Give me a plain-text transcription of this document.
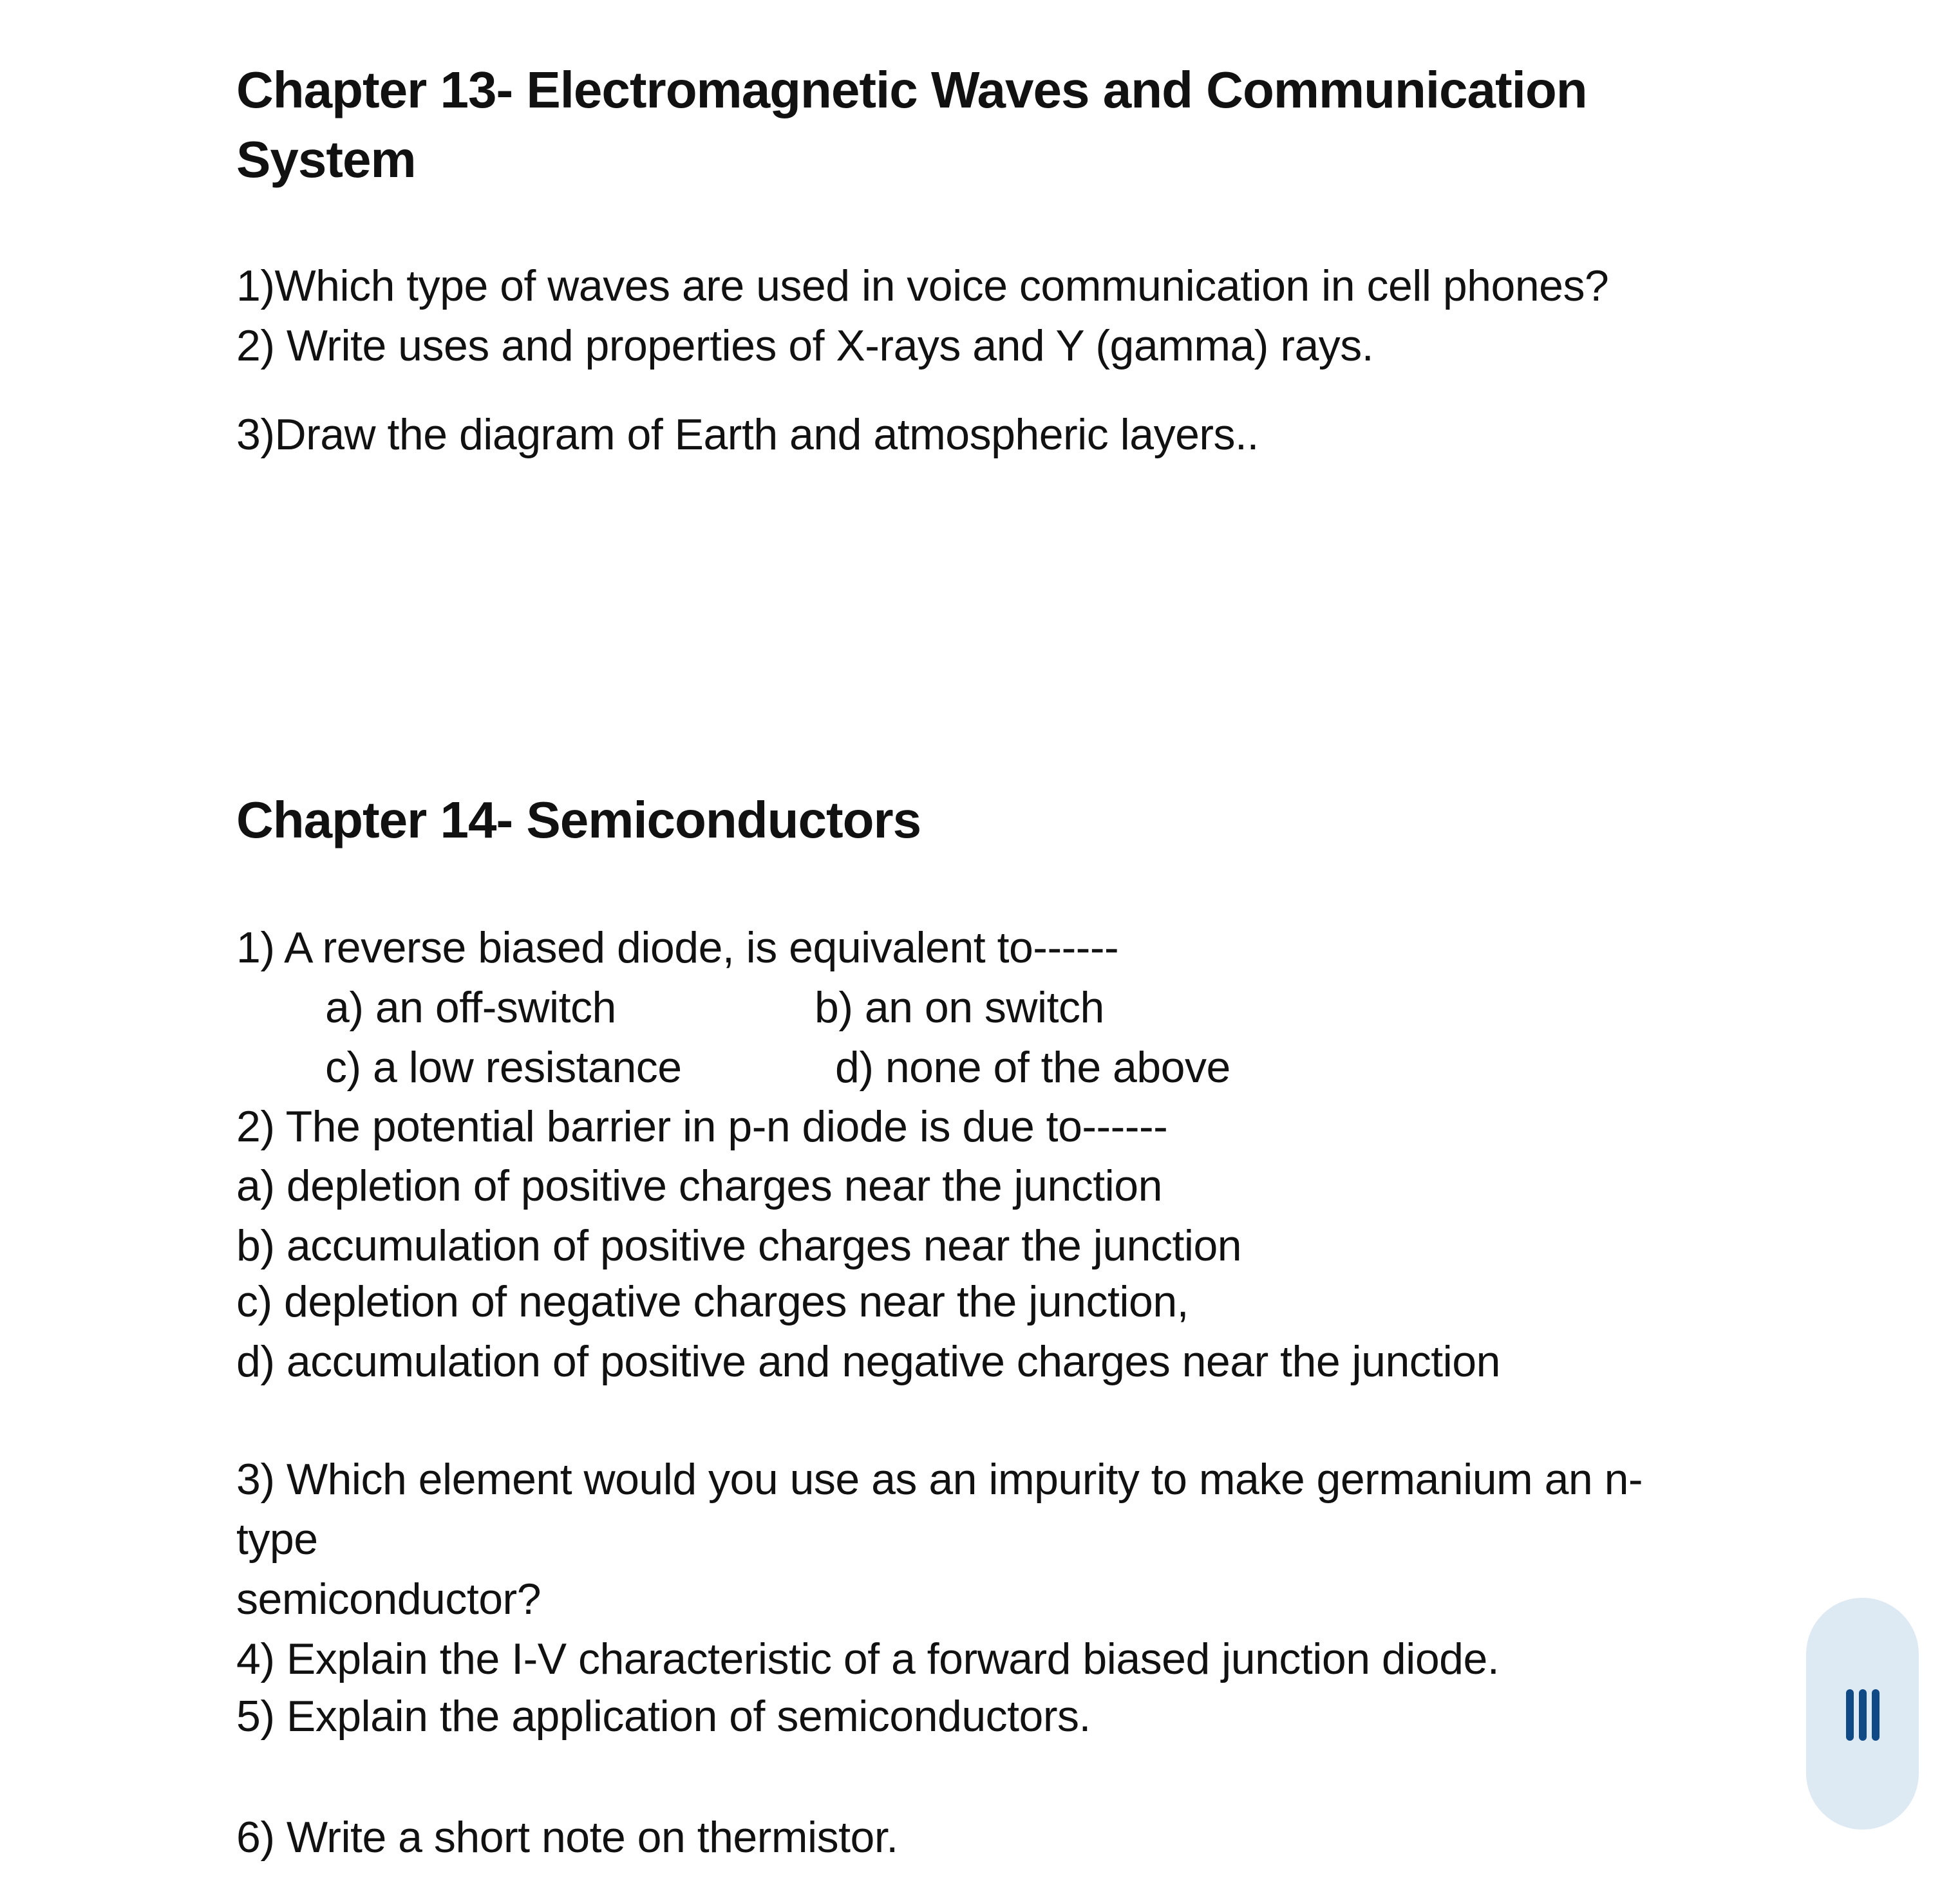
Chapter 13- Electromagnetic Waves and Communication
System
1)Which type of waves are used in voice communication in cell phones?
2) Write uses and properties of X-rays and Y (gamma) rays.
3)Draw the diagram of Earth and atmospheric layers..
Chapter 14- Semiconductors
1) A reverse biased diode, is equivalent to------
a) an off-switch	b) an on switch
c) a low resistance	d) none of the above
2) The potential barrier in p-n diode is due to------
a) depletion of positive charges near the junction
b) accumulation of positive charges near the junction
c) depletion of negative charges near the junction,
d) accumulation of positive and negative charges near the junction
3) Which element would you use as an impurity to make germanium an n-
type
semiconductor?
4) Explain the I-V characteristic of a forward biased junction diode.
5) Explain the application of semiconductors.
6) Write a short note on thermistor.
